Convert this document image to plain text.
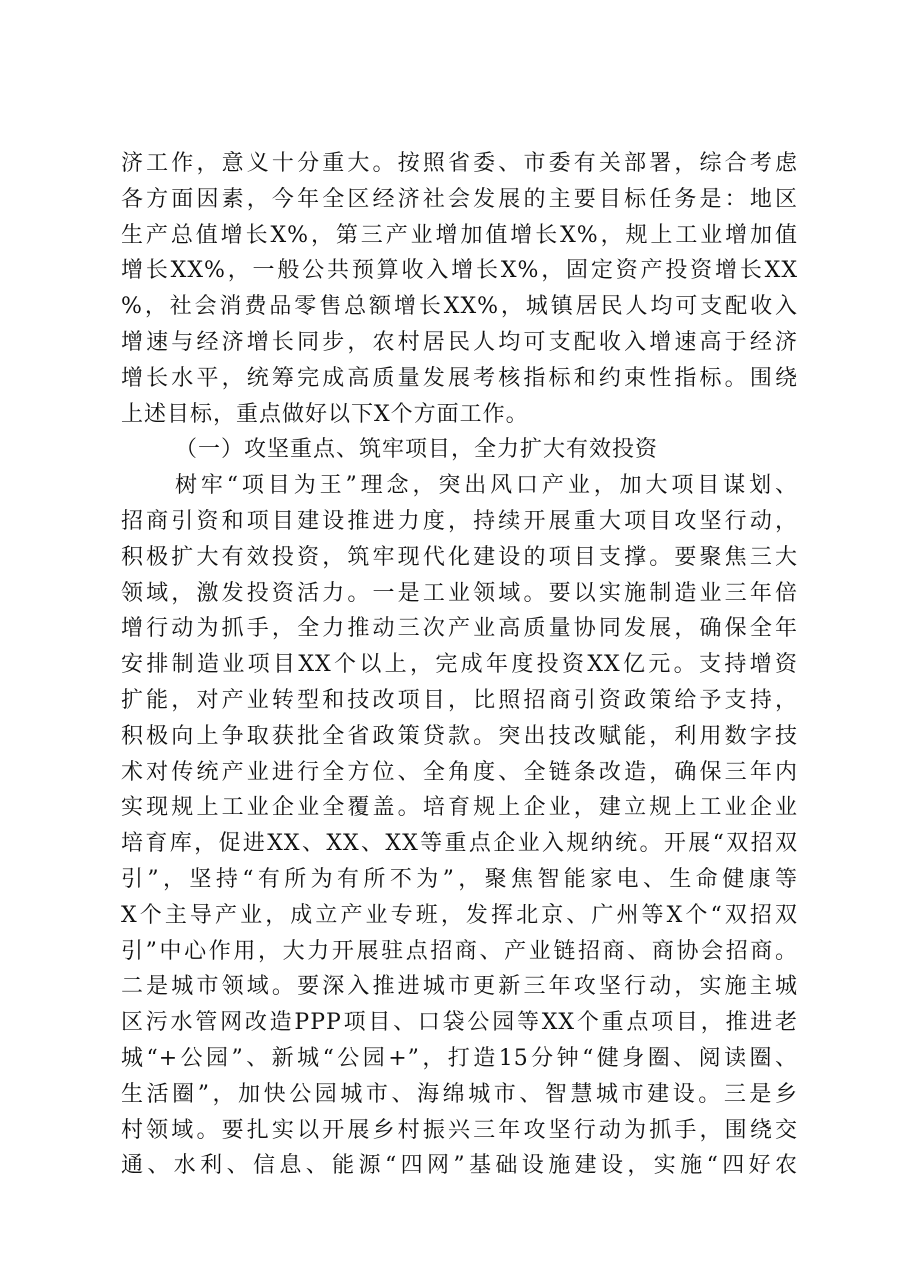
济工作，意义十分重大。按照省委、市委有关部署，综合考虑
各方面因素，今年全区经济社会发展的主要目标任务是：地区
生产总值增长X%，第三产业增加值增长X%，规上工业增加值
增长XX%，一般公共预算收入增长X%，固定资产投资增长XX
%，社会消费品零售总额增长XX%，城镇居民人均可支配收入
增速与经济增长同步，农村居民人均可支配收入增速高于经济
增长水平，统筹完成高质量发展考核指标和约束性指标。围绕
上述目标，重点做好以下X个方面工作。
（一）攻坚重点、筑牢项目，全力扩大有效投资
树牢“项目为王”理念，突出风口产业，加大项目谋划、
招商引资和项目建设推进力度，持续开展重大项目攻坚行动，
积极扩大有效投资，筑牢现代化建设的项目支撑。要聚焦三大
领域，激发投资活力。一是工业领域。要以实施制造业三年倍
增行动为抓手，全力推动三次产业高质量协同发展，确保全年
安排制造业项目XX个以上，完成年度投资XX亿元。支持增资
扩能，对产业转型和技改项目，比照招商引资政策给予支持，
积极向上争取获批全省政策贷款。突出技改赋能，利用数字技
术对传统产业进行全方位、全角度、全链条改造，确保三年内
实现规上工业企业全覆盖。培育规上企业，建立规上工业企业
培育库，促进XX、XX、XX等重点企业入规纳统。开展“双招双
引”，坚持“有所为有所不为”，聚焦智能家电、生命健康等
X个主导产业，成立产业专班，发挥北京、广州等X个“双招双
引”中心作用，大力开展驻点招商、产业链招商、商协会招商。
二是城市领域。要深入推进城市更新三年攻坚行动，实施主城
区污水管网改造PPP项目、口袋公园等XX个重点项目，推进老
城“+公园”、新城“公园+”，打造15分钟“健身圈、阅读圈、
生活圈”，加快公园城市、海绵城市、智慧城市建设。三是乡
村领域。要扎实以开展乡村振兴三年攻坚行动为抓手，围绕交
通、水利、信息、能源“四网”基础设施建设，实施“四好农
